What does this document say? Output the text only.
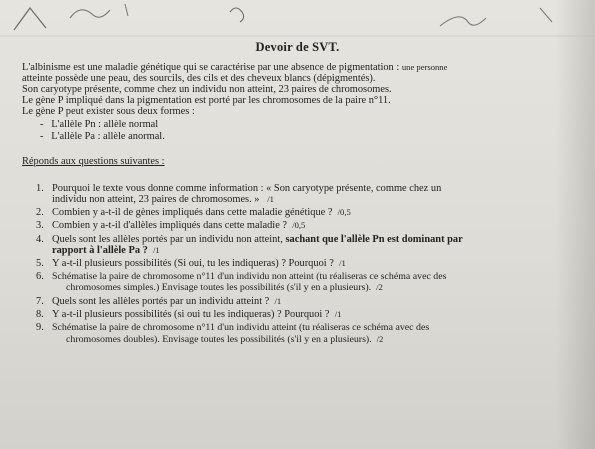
Devoir de SVT.
L'albinisme est une maladie génétique qui se caractérise par une absence de pigmentation : une personne
atteinte possède une peau, des sourcils, des cils et des cheveux blancs (dépigmentés).
Son caryotype présente, comme chez un individu non atteint, 23 paires de chromosomes.
Le gène P impliqué dans la pigmentation est porté par les chromosomes de la paire n°11.
Le gène P peut exister sous deux formes :
-   L'allèle Pn : allèle normal
-   L'allèle Pa : allèle anormal.
Réponds aux questions suivantes :
1. Pourquoi le texte vous donne comme information : « Son caryotype présente, comme chez un
individu non atteint, 23 paires de chromosomes. » /1
2. Combien y a-t-il de gènes impliqués dans cette maladie génétique ? /0,5
3. Combien y a-t-il d'allèles impliqués dans cette maladie ? /0,5
4. Quels sont les allèles portés par un individu non atteint, sachant que l'allèle Pn est dominant par
rapport à l'allèle Pa ? /1
5. Y a-t-il plusieurs possibilités (Si oui, tu les indiqueras) ? Pourquoi ? /1
6. Schématise la paire de chromosome n°11 d'un individu non atteint (tu réaliseras ce schéma avec des
chromosomes simples.) Envisage toutes les possibilités (s'il y en a plusieurs). /2
7. Quels sont les allèles portés par un individu atteint ? /1
8. Y a-t-il plusieurs possibilités (si oui tu les indiqueras) ? Pourquoi ? /1
9. Schématise la paire de chromosome n°11 d'un individu atteint (tu réaliseras ce schéma avec des
chromosomes doubles). Envisage toutes les possibilités (s'il y en a plusieurs). /2
